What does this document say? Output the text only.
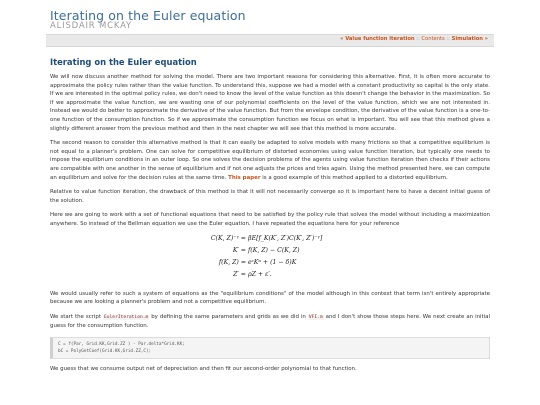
Iterating on the Euler equation
ALISDAIR MCKAY
« Value function iteration :: Contents :: Simulation »
Iterating on the Euler equation

We will now discuss another method for solving the model. There are two important reasons for considering this alternative. First, it is often more accurate to approximate the policy rules rather than the value function. To understand this, suppose we had a model with a constant productivity so capital is the only state. If we are interested in the optimal policy rules, we don't need to know the level of the value function as this doesn't change the behavior in the maximization. So if we approximate the value function, we are wasting one of our polynomial coefficients on the level of the value function, which we are not interested in. Instead we would do better to approximate the derivative of the value function. But from the envelope condition, the derivative of the value function is a one-to-one function of the consumption function. So if we approximate the consumption function we focus on what is important. You will see that this method gives a slightly different answer from the previous method and then in the next chapter we will see that this method is more accurate.

The second reason to consider this alternative method is that it can easily be adapted to solve models with many frictions so that a competitive equilibrium is not equal to a planner's problem. One can solve for competitive equilibrium of distorted economies using value function iteration, but typically one needs to impose the equilibrium conditions in an outer loop. So one solves the decision problems of the agents using value function iteration then checks if their actions are compatible with one another in the sense of equilibrium and if not one adjusts the prices and tries again. Using the method presented here, we can compute an equilibrium and solve for the decision rules at the same time. This paper is a good example of this method applied to a distorted equilibrium.

Relative to value function iteration, the drawback of this method is that it will not necessarily converge so it is important here to have a decent initial guess of the solution.

Here we are going to work with a set of functional equations that need to be satisfied by the policy rule that solves the model without including a maximization anywhere. So instead of the Bellman equation we use the Euler equation. I have repeated the equations here for your reference

C(K, Z)⁻ᵞ = βE[f_K(K′, Z′)C(K′, Z′)⁻ᵞ]
K′ = f(K, Z) − C(K, Z)
f(K, Z) = eᶻKᵅ + (1 − δ)K
Z′ = ρZ + ε′.

We would usually refer to such a system of equations as the "equilibrium conditions" of the model although in this context that term isn't entirely appropriate because we are looking a planner's problem and not a competitive equilibrium.

We start the script EulerIteration.m by defining the same parameters and grids as we did in VFI.m and I don't show those steps here. We next create an initial guess for the consumption function.

C = f(Par, Grid.KK,Grid.ZZ ) - Par.delta*Grid.KK;
bC = PolyGetCoef(Grid.KK,Grid.ZZ,C);

We guess that we consume output net of depreciation and then fit our second-order polynomial to that function.
